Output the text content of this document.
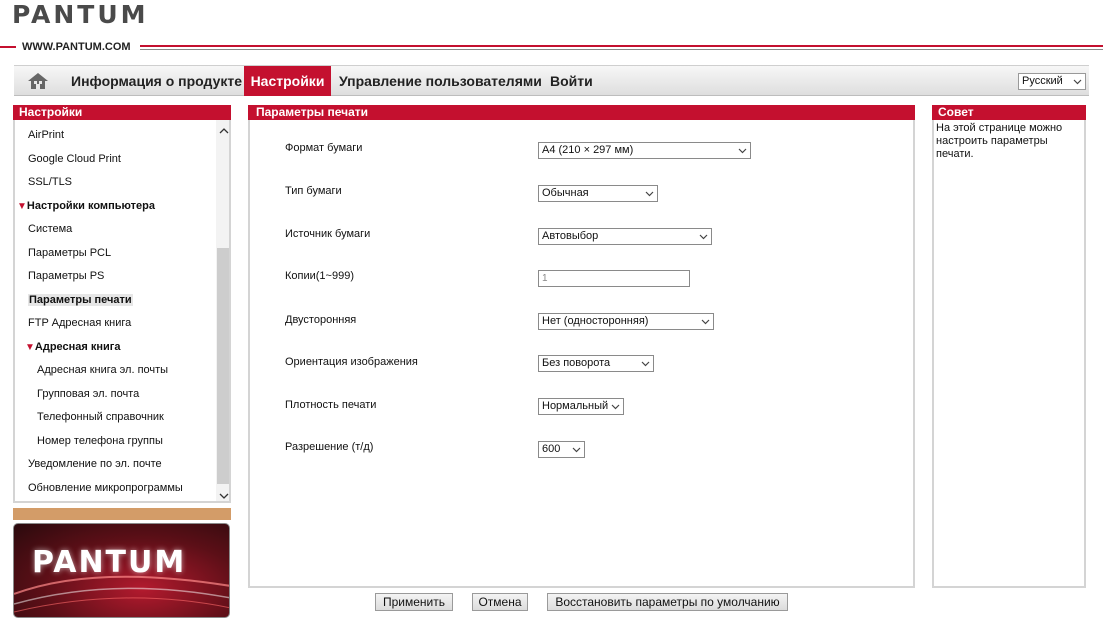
PANTUM
WWW.PANTUM.COM
Информация о продукте Настройки	Управление пользователями Войти	Русский
Настройки
AirPrint
Google Cloud Print
SSL/TLS
▼Настройки компьютера
Система
Параметры PCL
Параметры PS
Параметры печати
FTP Адресная книга
▼Адресная книга
Адресная книга эл. почты
Групповая эл. почта
Телефонный справочник
Номер телефона группы
Уведомление по эл. почте
Обновление микропрограммы
PANTUM
Параметры печати
Формат бумаги	A4 (210 × 297 мм)
Тип бумаги	Обычная
Источник бумаги	Автовыбор
Копии(1~999)	1
Двусторонняя	Нет (односторонняя)
Ориентация изображения	Без поворота
Плотность печати	Нормальный
Разрешение (т/д)	600
Совет
На этой странице можно настроить параметры печати.
Применить	Отмена	Восстановить параметры по умолчанию
